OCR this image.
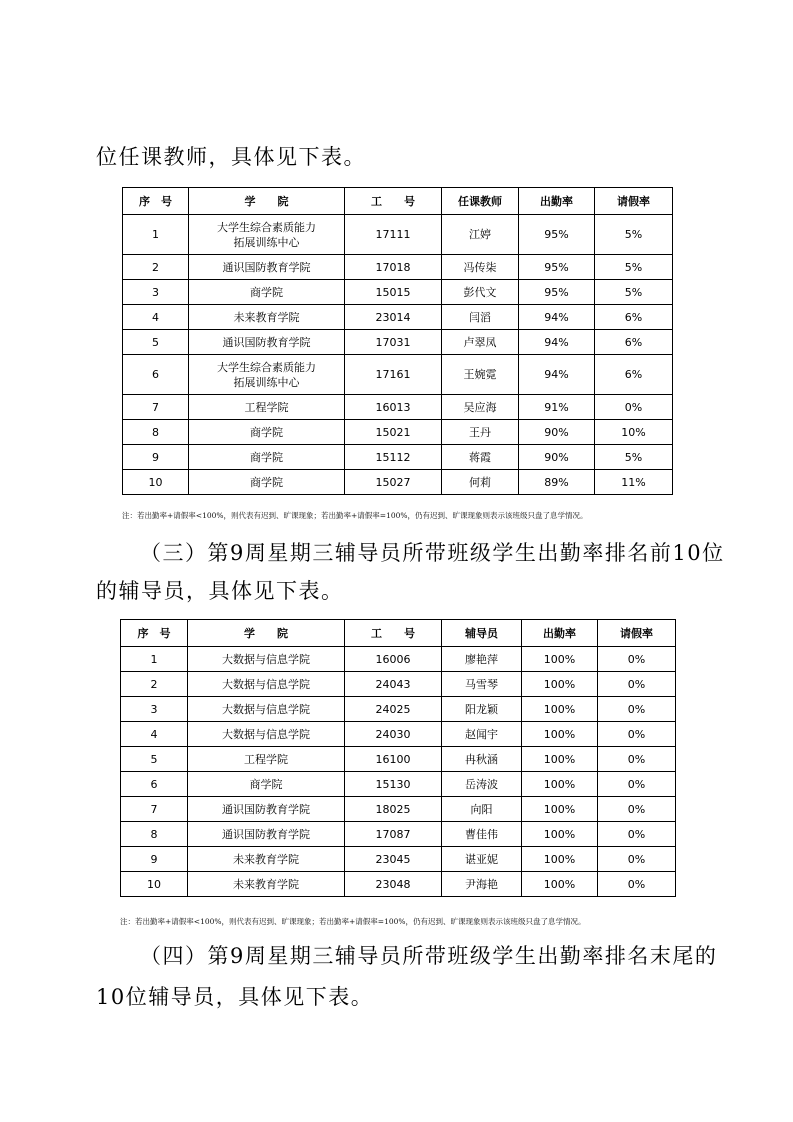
位任课教师，具体见下表。

序　号	学　　院	工　　号	任课教师	出勤率	请假率
1	大学生综合素质能力
拓展训练中心	17111	江婷	95%	5%
2	通识国防教育学院	17018	冯传柒	95%	5%
3	商学院	15015	彭代文	95%	5%
4	未来教育学院	23014	闫滔	94%	6%
5	通识国防教育学院	17031	卢翠凤	94%	6%
6	大学生综合素质能力
拓展训练中心	17161	王婉霓	94%	6%
7	工程学院	16013	吴应海	91%	0%
8	商学院	15021	王丹	90%	10%
9	商学院	15112	蒋霞	90%	5%
10	商学院	15027	何莉	89%	11%

注：若出勤率+请假率<100%，则代表有迟到、旷课现象；若出勤率+请假率=100%，仍有迟到、旷课现象则表示该班级只盘了息学情况。

（三）第9周星期三辅导员所带班级学生出勤率排名前10位

的辅导员，具体见下表。

序　号	学　　院	工　　号	辅导员	出勤率	请假率
1	大数据与信息学院	16006	廖艳萍	100%	0%
2	大数据与信息学院	24043	马雪琴	100%	0%
3	大数据与信息学院	24025	阳龙颖	100%	0%
4	大数据与信息学院	24030	赵闻宇	100%	0%
5	工程学院	16100	冉秋涵	100%	0%
6	商学院	15130	岳涛波	100%	0%
7	通识国防教育学院	18025	向阳	100%	0%
8	通识国防教育学院	17087	曹佳伟	100%	0%
9	未来教育学院	23045	谌亚妮	100%	0%
10	未来教育学院	23048	尹海艳	100%	0%

注：若出勤率+请假率<100%，则代表有迟到、旷课现象；若出勤率+请假率=100%，仍有迟到、旷课现象则表示该班级只盘了息学情况。

（四）第9周星期三辅导员所带班级学生出勤率排名末尾的

10位辅导员，具体见下表。
